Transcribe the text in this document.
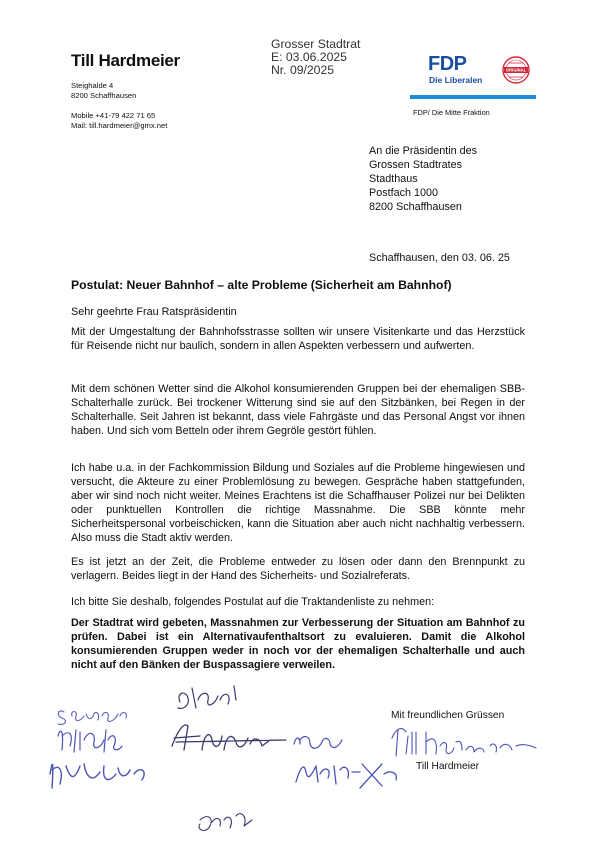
Till Hardmeier
Steighalde 4
8200 Schaffhausen
Mobile +41-79 422 71 65
Mail: till.hardmeier@gmx.net
Grosser Stadtrat
E: 03.06.2025
Nr. 09/2025	FDP
Die Liberalen
ORIGINAL
FDP/ Die Mitte Fraktion
An die Präsidentin des
Grossen Stadtrates
Stadthaus
Postfach 1000
8200 Schaffhausen
Schaffhausen, den 03. 06. 25
Postulat: Neuer Bahnhof – alte Probleme (Sicherheit am Bahnhof)
Sehr geehrte Frau Ratspräsidentin
Mit der Umgestaltung der Bahnhofsstrasse sollten wir unsere Visitenkarte und das Herzstück für Reisende nicht nur baulich, sondern in allen Aspekten verbessern und aufwerten.
Mit dem schönen Wetter sind die Alkohol konsumierenden Gruppen bei der ehemaligen SBB-Schalterhalle zurück. Bei trockener Witterung sind sie auf den Sitzbänken, bei Regen in der Schalterhalle. Seit Jahren ist bekannt, dass viele Fahrgäste und das Personal Angst vor ihnen haben. Und sich vom Betteln oder ihrem Gegröle gestört fühlen.
Ich habe u.a. in der Fachkommission Bildung und Soziales auf die Probleme hingewiesen und versucht, die Akteure zu einer Problemlösung zu bewegen. Gespräche haben stattgefunden, aber wir sind noch nicht weiter. Meines Erachtens ist die Schaffhauser Polizei nur bei Delikten oder punktuellen Kontrollen die richtige Massnahme. Die SBB könnte mehr Sicherheitspersonal vorbeischicken, kann die Situation aber auch nicht nachhaltig verbessern. Also muss die Stadt aktiv werden.
Es ist jetzt an der Zeit, die Probleme entweder zu lösen oder dann den Brennpunkt zu verlagern. Beides liegt in der Hand des Sicherheits- und Sozialreferats.
Ich bitte Sie deshalb, folgendes Postulat auf die Traktandenliste zu nehmen:
Der Stadtrat wird gebeten, Massnahmen zur Verbesserung der Situation am Bahnhof zu prüfen. Dabei ist ein Alternativaufenthaltsort zu evaluieren. Damit die Alkohol konsumierenden Gruppen weder in noch vor der ehemaligen Schalterhalle und auch nicht auf den Bänken der Buspassagiere verweilen.
Mit freundlichen Grüssen
Till Hardmeier
